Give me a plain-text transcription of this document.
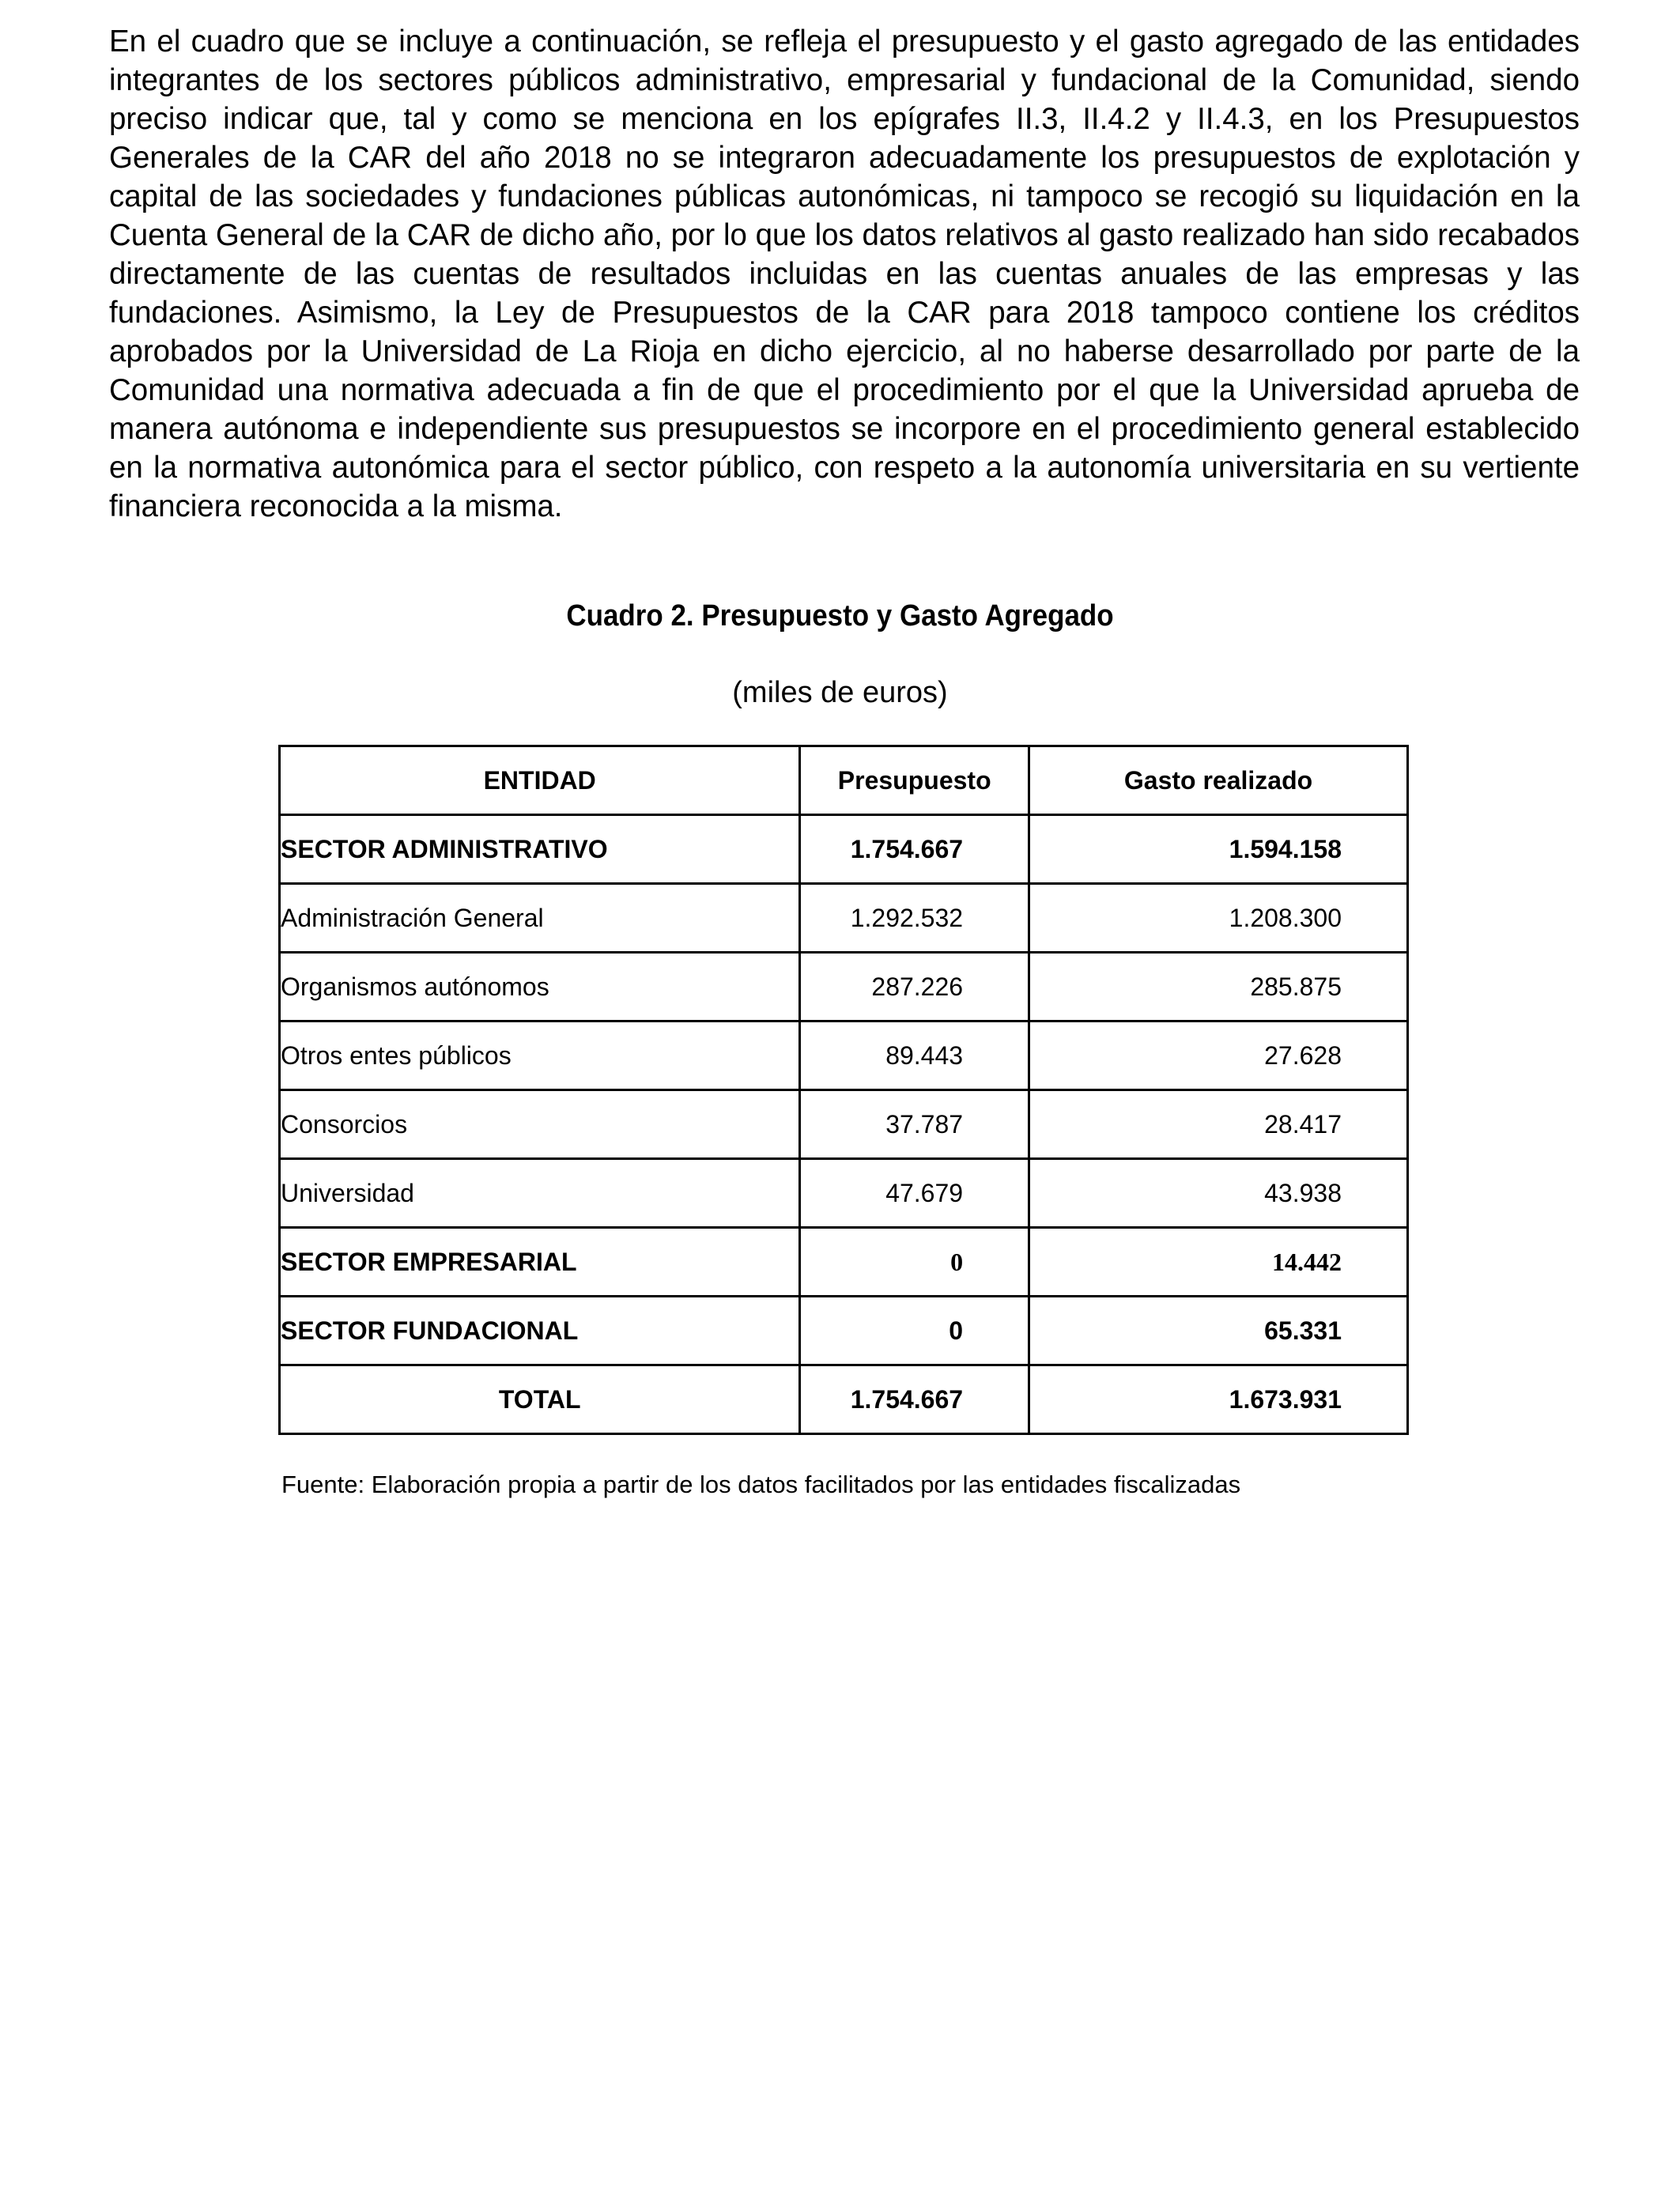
En el cuadro que se incluye a continuación, se refleja el presupuesto y el gasto agregado de las entidades integrantes de los sectores públicos administrativo, empresarial y fundacional de la Comunidad, siendo preciso indicar que, tal y como se menciona en los epígrafes II.3, II.4.2 y II.4.3, en los Presupuestos Generales de la CAR del año 2018 no se integraron adecuadamente los presupuestos de explotación y capital de las sociedades y fundaciones públicas autonómicas, ni tampoco se recogió su liquidación en la Cuenta General de la CAR de dicho año, por lo que los datos relativos al gasto realizado han sido recabados directamente de las cuentas de resultados incluidas en las cuentas anuales de las empresas y las fundaciones. Asimismo, la Ley de Presupuestos de la CAR para 2018 tampoco contiene los créditos aprobados por la Universidad de La Rioja en dicho ejercicio, al no haberse desarrollado por parte de la Comunidad una normativa adecuada a fin de que el procedimiento por el que la Universidad aprueba de manera autónoma e independiente sus presupuestos se incorpore en el procedimiento general establecido en la normativa autonómica para el sector público, con respeto a la autonomía universitaria en su vertiente financiera reconocida a la misma.

Cuadro 2. Presupuesto y Gasto Agregado

(miles de euros)

ENTIDAD	Presupuesto	Gasto realizado
SECTOR ADMINISTRATIVO	1.754.667	1.594.158
Administración General	1.292.532	1.208.300
Organismos autónomos	287.226	285.875
Otros entes públicos	89.443	27.628
Consorcios	37.787	28.417
Universidad	47.679	43.938
SECTOR EMPRESARIAL	0	14.442
SECTOR FUNDACIONAL	0	65.331
TOTAL	1.754.667	1.673.931

Fuente: Elaboración propia a partir de los datos facilitados por las entidades fiscalizadas
